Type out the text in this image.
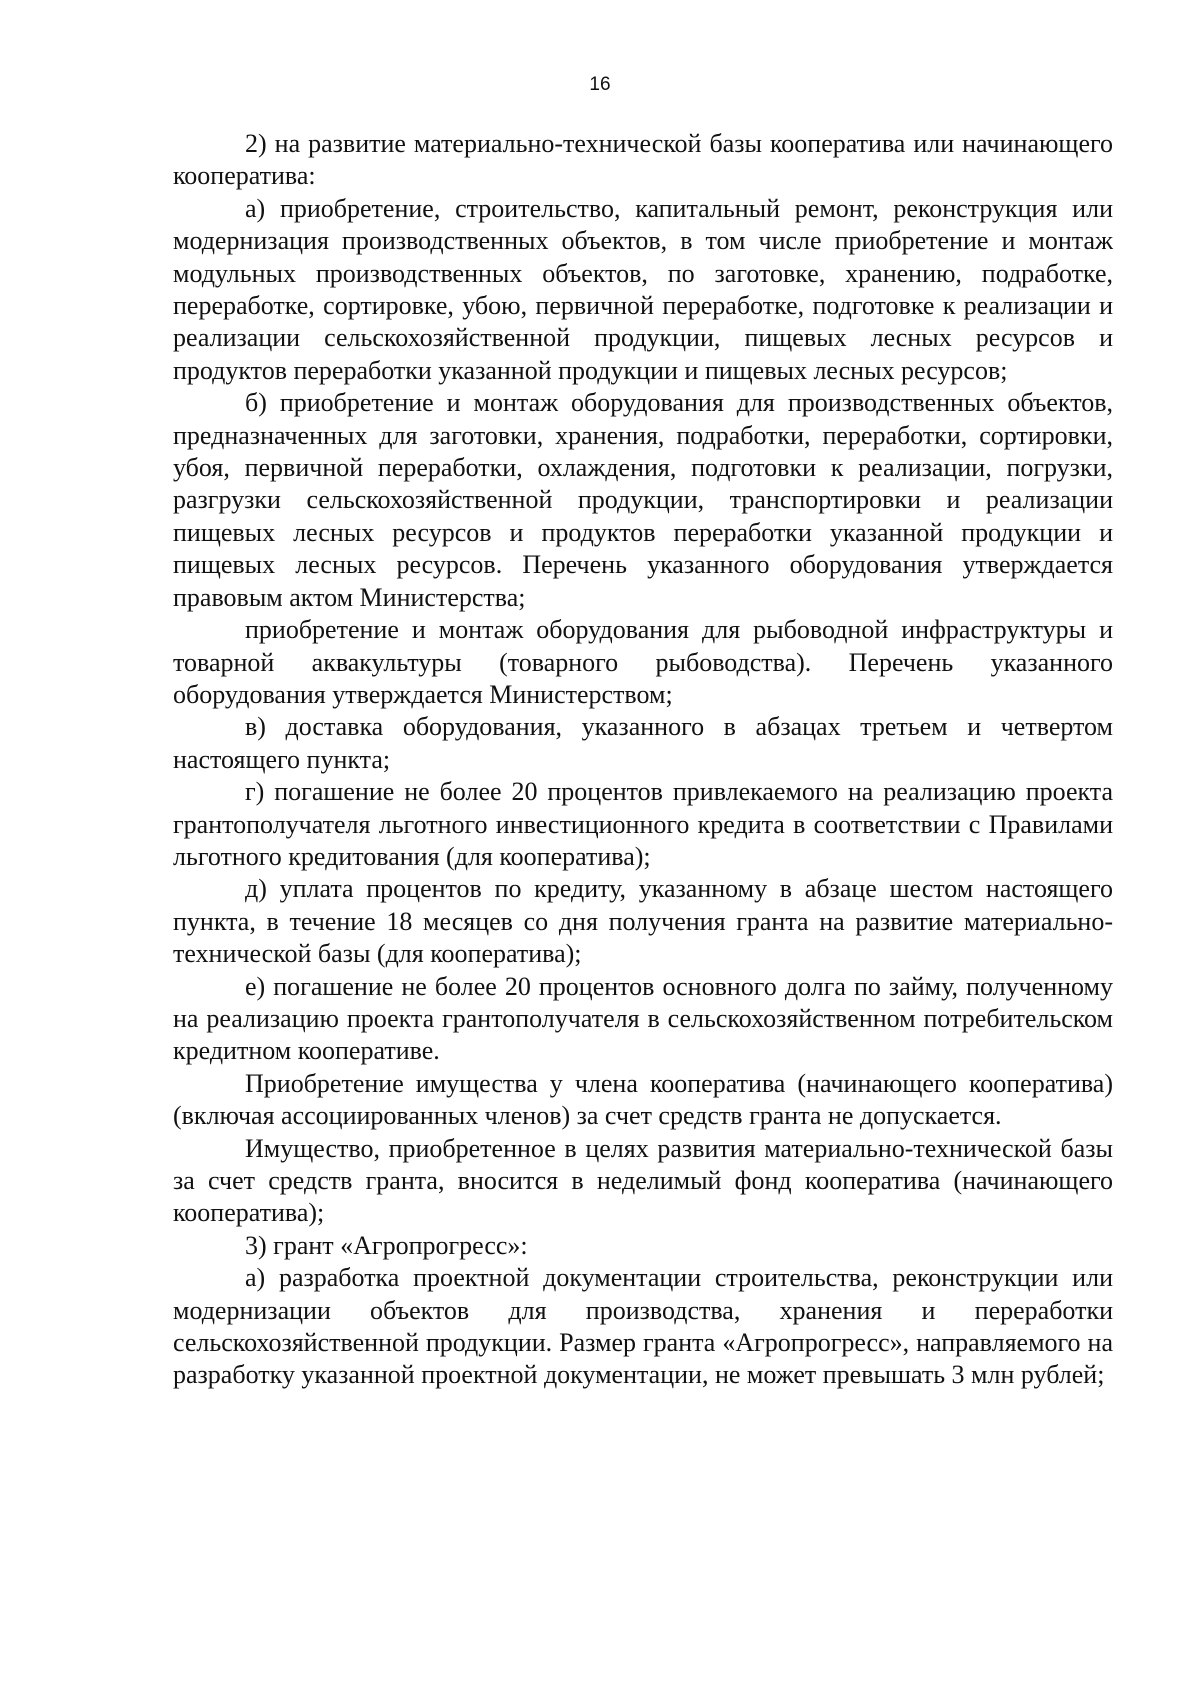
16

2) на развитие материально-технической базы кооператива или начинающего кооператива:

а) приобретение, строительство, капитальный ремонт, реконструкция или модернизация производственных объектов, в том числе приобретение и монтаж модульных производственных объектов, по заготовке, хранению, подработке, переработке, сортировке, убою, первичной переработке, подготовке к реализации и реализации сельскохозяйственной продукции, пищевых лесных ресурсов и продуктов переработки указанной продукции и пищевых лесных ресурсов;

б) приобретение и монтаж оборудования для производственных объектов, предназначенных для заготовки, хранения, подработки, переработки, сортировки, убоя, первичной переработки, охлаждения, подготовки к реализации, погрузки, разгрузки сельскохозяйственной продукции, транспортировки и реализации пищевых лесных ресурсов и продуктов переработки указанной продукции и пищевых лесных ресурсов. Перечень указанного оборудования утверждается правовым актом Министерства;

приобретение и монтаж оборудования для рыбоводной инфраструктуры и товарной аквакультуры (товарного рыбоводства). Перечень указанного оборудования утверждается Министерством;

в) доставка оборудования, указанного в абзацах третьем и четвертом настоящего пункта;

г) погашение не более 20 процентов привлекаемого на реализацию проекта грантополучателя льготного инвестиционного кредита в соответствии с Правилами льготного кредитования (для кооператива);

д) уплата процентов по кредиту, указанному в абзаце шестом настоящего пункта, в течение 18 месяцев со дня получения гранта на развитие материально-технической базы (для кооператива);

е) погашение не более 20 процентов основного долга по займу, полученному на реализацию проекта грантополучателя в сельскохозяйственном потребительском кредитном кооперативе.

Приобретение имущества у члена кооператива (начинающего кооператива) (включая ассоциированных членов) за счет средств гранта не допускается.

Имущество, приобретенное в целях развития материально-технической базы за счет средств гранта, вносится в неделимый фонд кооператива (начинающего кооператива);

3) грант «Агропрогресс»:

а) разработка проектной документации строительства, реконструкции или модернизации объектов для производства, хранения и переработки сельскохозяйственной продукции. Размер гранта «Агропрогресс», направляемого на разработку указанной проектной документации, не может превышать 3 млн рублей;
